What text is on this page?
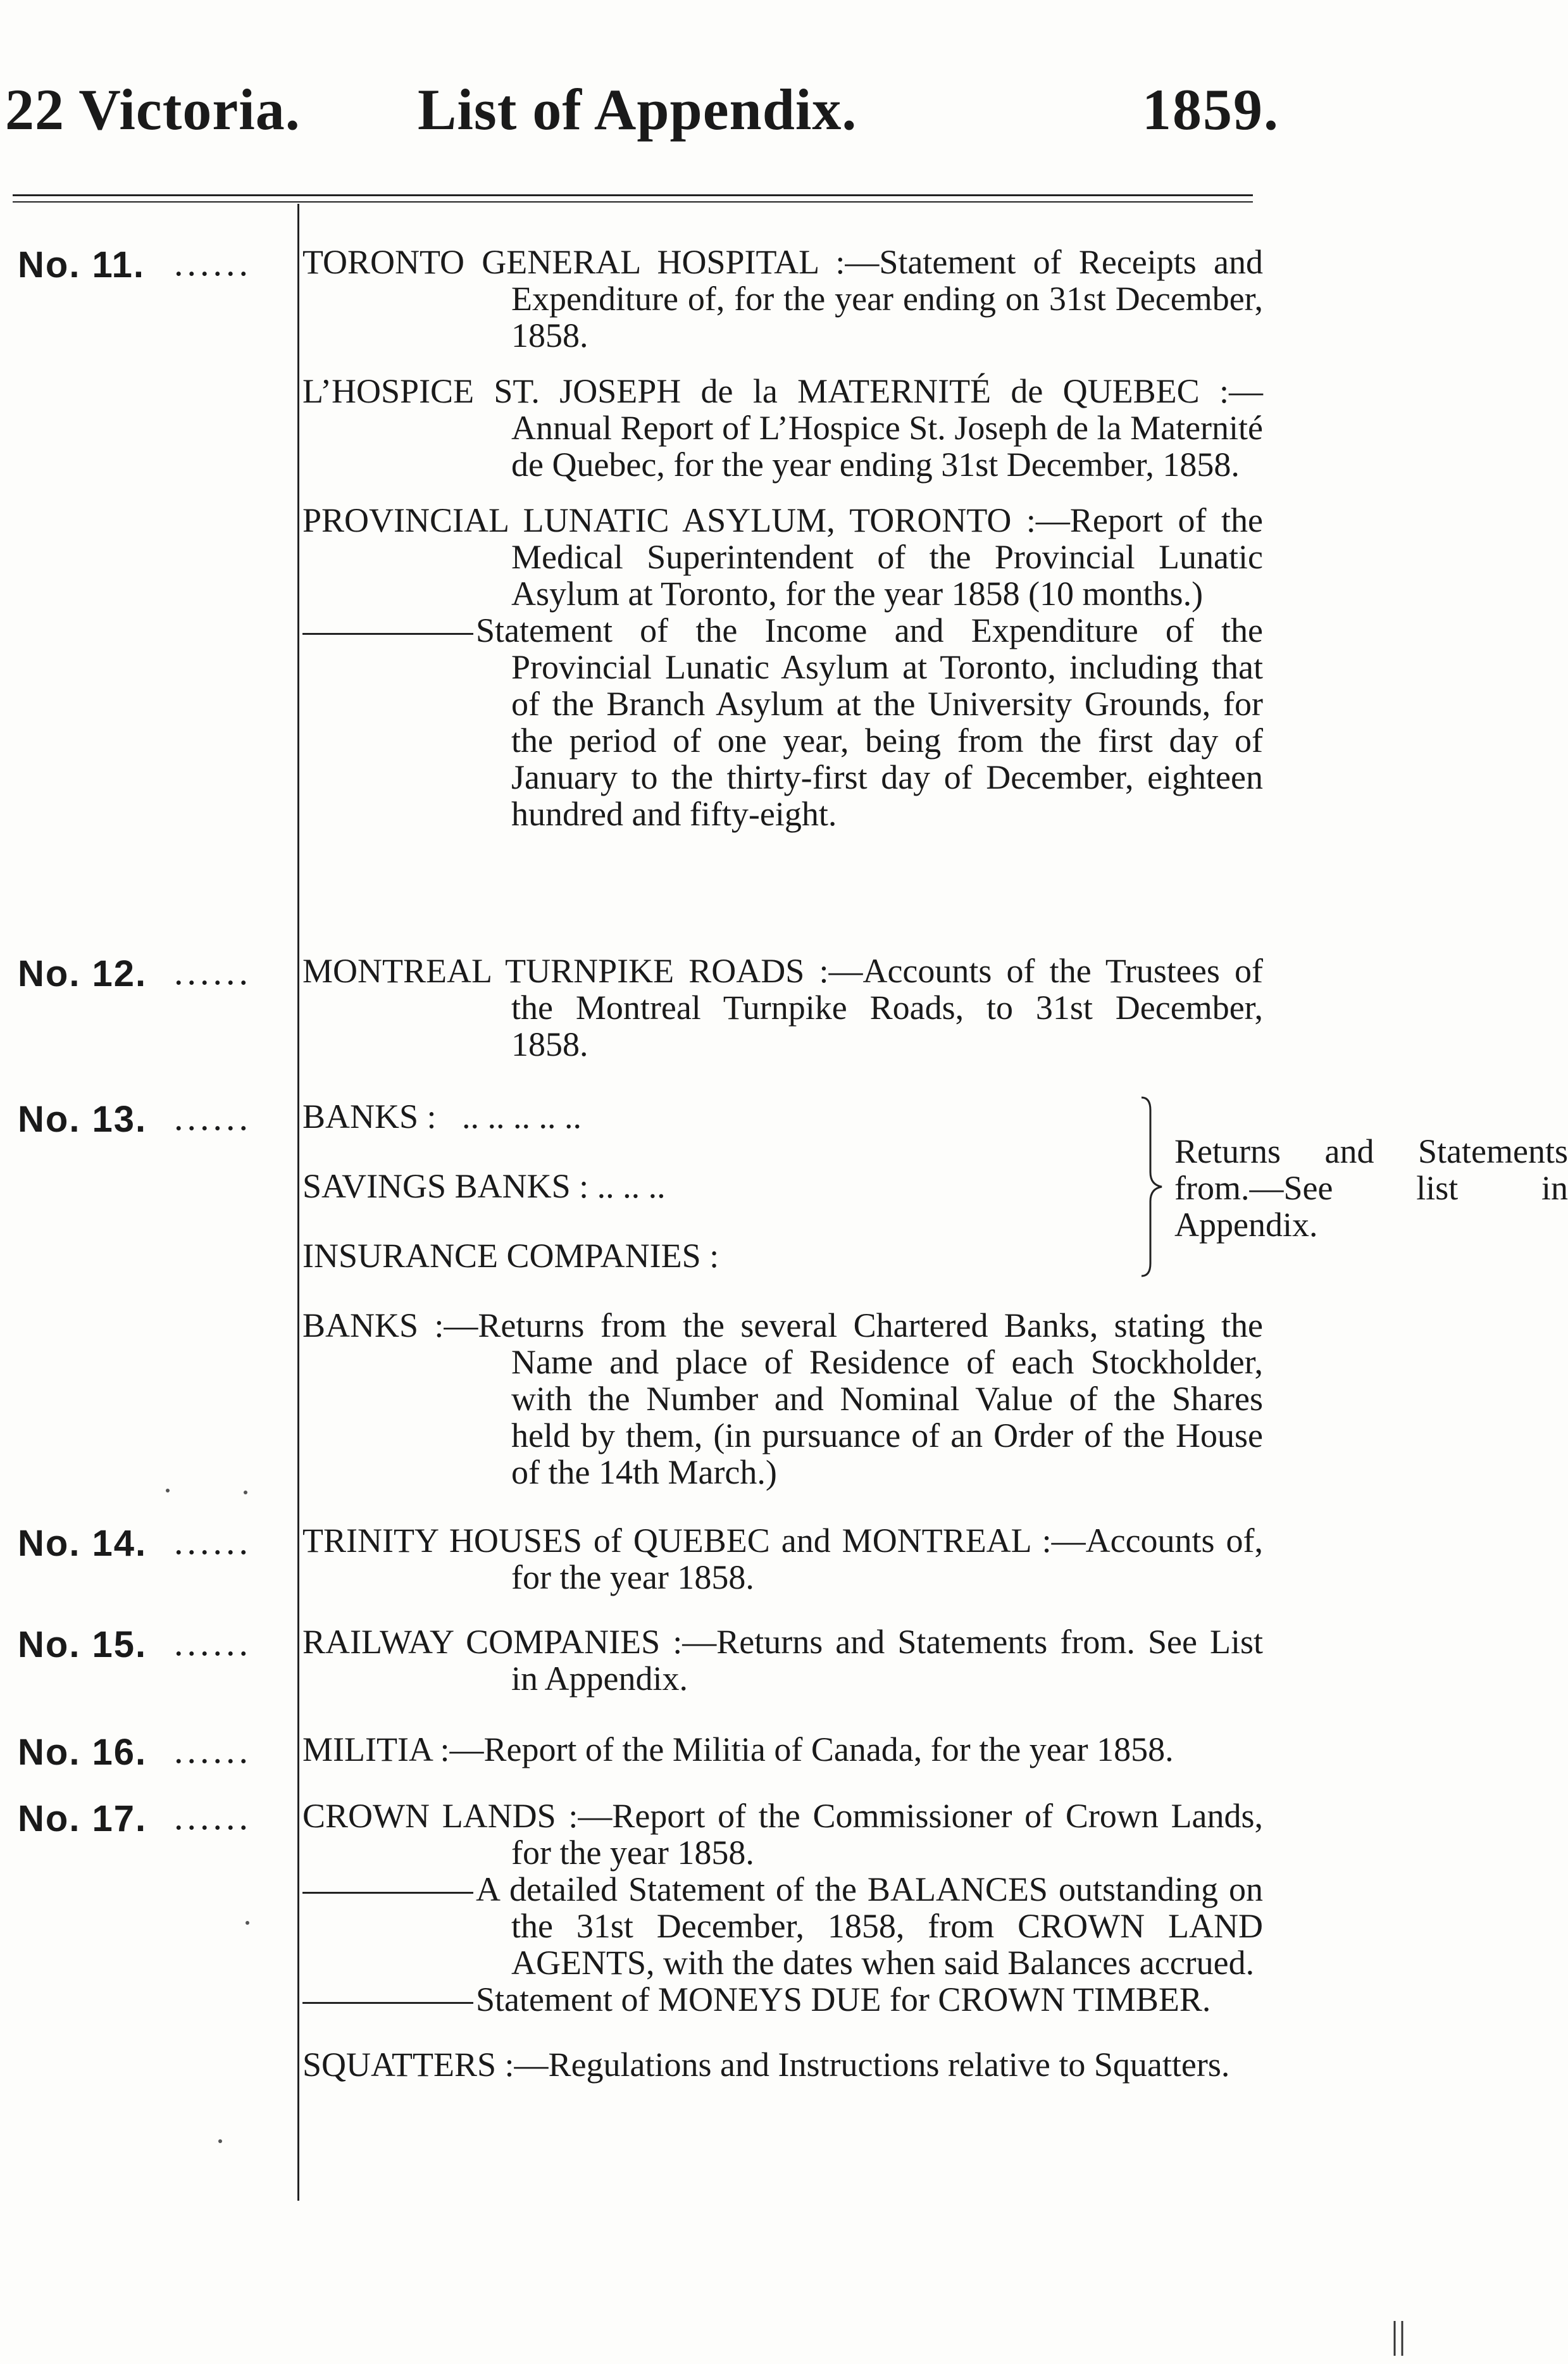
22 Victoria. List of Appendix.	1859.
No. 11. ......	TORONTO GENERAL HOSPITAL :—Statement of Receipts and Expenditure of, for the year ending on 31st December, 1858.

L’HOSPICE ST. JOSEPH de la MATERNITÉ de QUEBEC :—Annual Report of L’Hospice St. Joseph de la Maternité de Quebec, for the year ending 31st December, 1858.

PROVINCIAL LUNATIC ASYLUM, TORONTO :—Report of the Medical Superintendent of the Provincial Lunatic Asylum at Toronto, for the year 1858 (10 months.)

Statement of the Income and Expenditure of the Provincial Lunatic Asylum at Toronto, including that of the Branch Asylum at the University Grounds, for the period of one year, being from the first day of January to the thirty-first day of December, eighteen hundred and fifty-eight.

No. 12. ......	MONTREAL TURNPIKE ROADS :—Accounts of the Trustees of the Montreal Turnpike Roads, to 31st December, 1858.

No. 13. ......	BANKS : .. .. .. .. ..
SAVINGS BANKS : .. .. ..
INSURANCE COMPANIES :
Returns and Statements from.—See list in Appendix.

BANKS :—Returns from the several Chartered Banks, stating the Name and place of Residence of each Stockholder, with the Number and Nominal Value of the Shares held by them, (in pursuance of an Order of the House of the 14th March.)

No. 14. ......	TRINITY HOUSES of QUEBEC and MONTREAL :—Accounts of, for the year 1858.

No. 15. ......	RAILWAY COMPANIES :—Returns and Statements from. See List in Appendix.

No. 16. ......	MILITIA :—Report of the Militia of Canada, for the year 1858.

No. 17. ......	CROWN LANDS :—Report of the Commissioner of Crown Lands, for the year 1858.

A detailed Statement of the BALANCES outstanding on the 31st December, 1858, from CROWN LAND AGENTS, with the dates when said Balances accrued.

Statement of MONEYS DUE for CROWN TIMBER.

SQUATTERS :—Regulations and Instructions relative to Squatters.

||
